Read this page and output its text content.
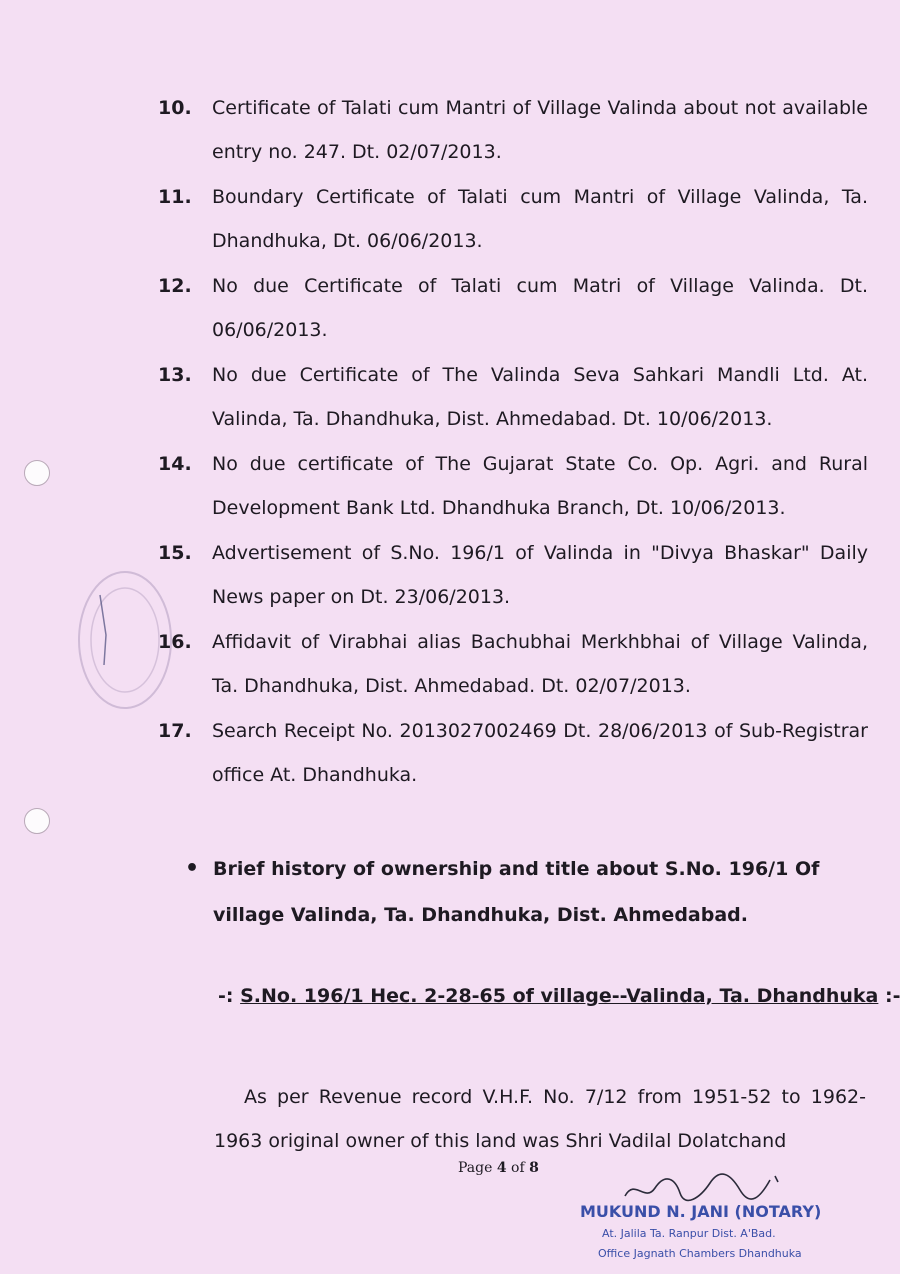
10.	Certificate of Talati cum Mantri of Village Valinda about not available entry no. 247. Dt. 02/07/2013.
11.	Boundary Certificate of Talati cum Mantri of Village Valinda, Ta. Dhandhuka, Dt. 06/06/2013.
12.	No due Certificate of Talati cum Matri of Village Valinda. Dt. 06/06/2013.
13.	No due Certificate of The Valinda Seva Sahkari Mandli Ltd. At. Valinda, Ta. Dhandhuka, Dist. Ahmedabad. Dt. 10/06/2013.
14.	No due certificate of The Gujarat State Co. Op. Agri. and Rural Development Bank Ltd. Dhandhuka Branch, Dt. 10/06/2013.
15.	Advertisement of S.No. 196/1 of Valinda in "Divya Bhaskar" Daily News paper on Dt. 23/06/2013.
16.	Affidavit of Virabhai alias Bachubhai Merkhbhai of Village Valinda, Ta. Dhandhuka, Dist. Ahmedabad. Dt. 02/07/2013.
17.	Search Receipt No. 2013027002469 Dt. 28/06/2013 of Sub-Registrar office At. Dhandhuka.
• Brief history of ownership and title about S.No. 196/1 Of village Valinda, Ta. Dhandhuka, Dist. Ahmedabad.
-: S.No. 196/1 Hec. 2-28-65 of village--Valinda, Ta. Dhandhuka :-
As per Revenue record V.H.F. No. 7/12 from 1951-52 to 1962-1963 original owner of this land was Shri Vadilal Dolatchand
Page 4 of 8
MUKUND N. JANI (NOTARY)
At. Jalila Ta. Ranpur Dist. A'Bad.
Office Jagnath Chambers Dhandhuka
